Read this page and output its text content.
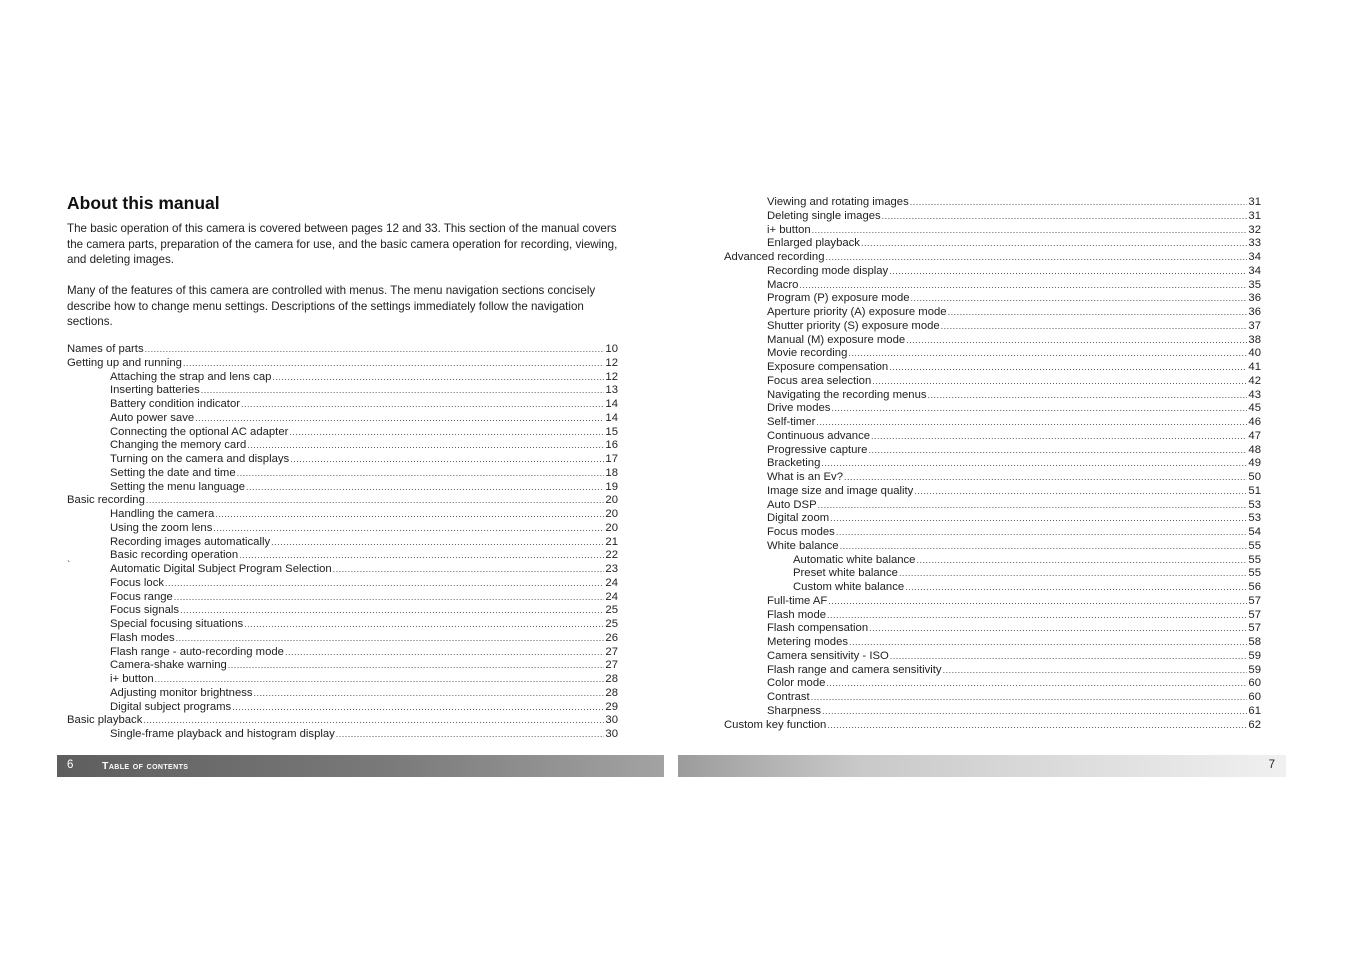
About this manual

The basic operation of this camera is covered between pages 12 and 33. This section of the manual covers the camera parts, preparation of the camera for use, and the basic camera operation for recording, viewing, and deleting images.

Many of the features of this camera are controlled with menus. The menu navigation sections concisely describe how to change menu settings. Descriptions of the settings immediately follow the navigation sections.

Names of parts .....	10
Getting up and running .....	12
Attaching the strap and lens cap .....	12
Inserting batteries .....	13
Battery condition indicator .....	14
Auto power save .....	14
Connecting the optional AC adapter .....	15
Changing the memory card .....	16
Turning on the camera and displays .....	17
Setting the date and time .....	18
Setting the menu language .....	19
Basic recording .....	20
Handling the camera .....	20
Using the zoom lens .....	20
Recording images automatically .....	21
Basic recording operation .....	22
Automatic Digital Subject Program Selection .....	23
Focus lock .....	24
Focus range .....	24
Focus signals .....	25
Special focusing situations .....	25
Flash modes .....	26
Flash range - auto-recording mode .....	27
Camera-shake warning .....	27
i+ button .....	28
Adjusting monitor brightness .....	28
Digital subject programs .....	29
Basic playback .....	30
Single-frame playback and histogram display .....	30
`
6	Table of contents
Viewing and rotating images .....	31
Deleting single images .....	31
i+ button .....	32
Enlarged playback .....	33
Advanced recording .....	34
Recording mode display .....	34
Macro .....	35
Program (P) exposure mode .....	36
Aperture priority (A) exposure mode .....	36
Shutter priority (S) exposure mode .....	37
Manual (M) exposure mode .....	38
Movie recording .....	40
Exposure compensation .....	41
Focus area selection .....	42
Navigating the recording menus .....	43
Drive modes .....	45
Self-timer .....	46
Continuous advance .....	47
Progressive capture .....	48
Bracketing .....	49
What is an Ev? .....	50
Image size and image quality .....	51
Auto DSP .....	53
Digital zoom .....	53
Focus modes .....	54
White balance .....	55
Automatic white balance .....	55
Preset white balance .....	55
Custom white balance .....	56
Full-time AF .....	57
Flash mode .....	57
Flash compensation .....	57
Metering modes .....	58
Camera sensitivity - ISO .....	59
Flash range and camera sensitivity .....	59
Color mode .....	60
Contrast .....	60
Sharpness .....	61
Custom key function .....	62
7
